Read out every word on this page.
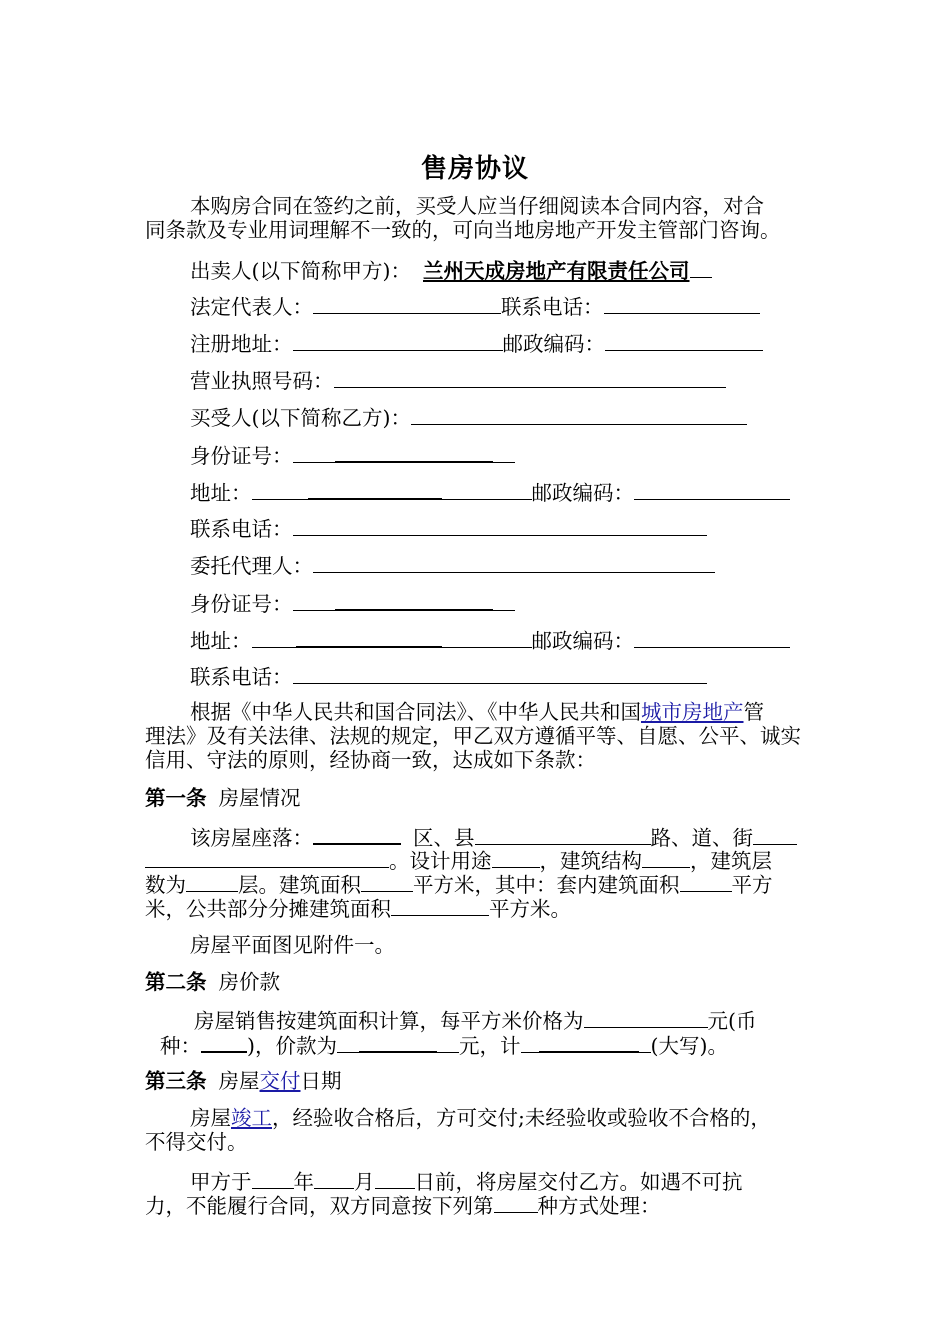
售房协议
本购房合同在签约之前，买受人应当仔细阅读本合同内容，对合
同条款及专业用词理解不一致的，可向当地房地产开发主管部门咨询。
出卖人(以下简称甲方)： 兰州天成房地产有限责任公司
法定代表人：	联系电话：
注册地址：	邮政编码：
营业执照号码：
买受人(以下简称乙方)：
身份证号：
地址：	邮政编码：
联系电话：
委托代理人：
身份证号：
地址：	邮政编码：
联系电话：
根据《中华人民共和国合同法》、《中华人民共和国城市房地产管
理法》及有关法律、法规的规定，甲乙双方遵循平等、自愿、公平、诚实
信用、守法的原则，经协商一致，达成如下条款：
第一条 房屋情况
该房屋座落：	区、县	路、道、街
。设计用途 ，建筑结构 ，建筑层
数为	层。建筑面积	平方米，其中：套内建筑面积	平方
米，公共部分分摊建筑面积	平方米。
房屋平面图见附件一。
第二条 房价款
房屋销售按建筑面积计算，每平方米价格为	元(币
种： )，价款为	元，计	(大写)。
第三条 房屋交付日期
房屋竣工，经验收合格后，方可交付;未经验收或验收不合格的，
不得交付。
甲方于 年 月 日前，将房屋交付乙方。如遇不可抗
力，不能履行合同，双方同意按下列第 种方式处理：
